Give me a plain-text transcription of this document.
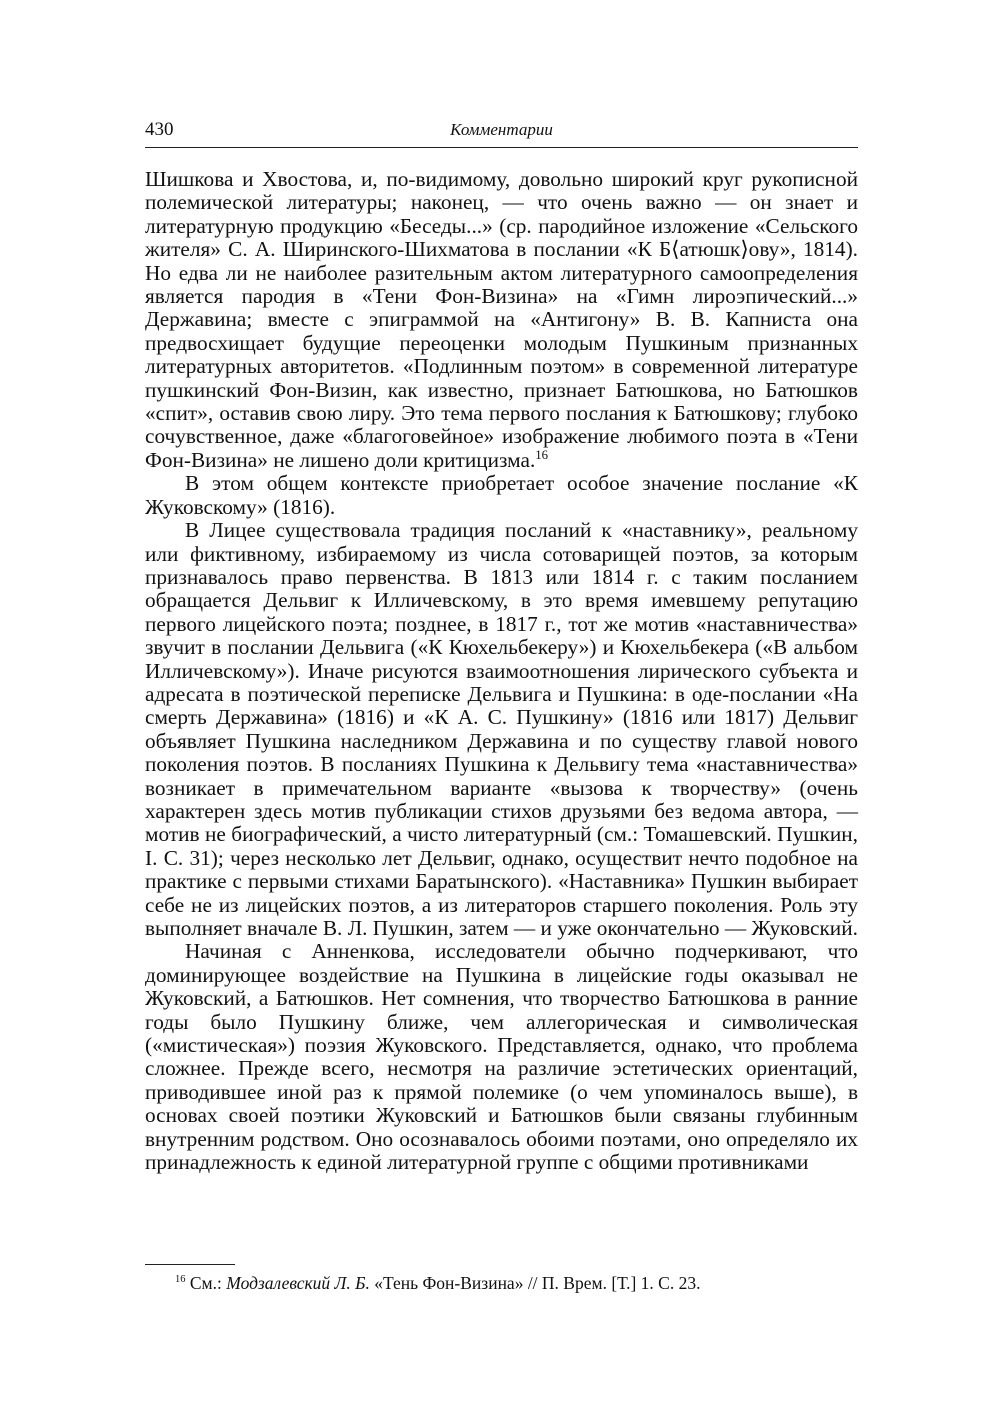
430	Комментарии

Шишкова и Хвостова, и, по-видимому, довольно широкий круг рукописной полемической литературы; наконец, — что очень важно — он знает и литературную продукцию «Беседы...» (ср. пародийное изложение «Сельского жителя» С. А. Ширинского-Шихматова в послании «К Б⟨атюшк⟩ову», 1814). Но едва ли не наиболее разительным актом литературного самоопределения является пародия в «Тени Фон-Визина» на «Гимн лироэпический...» Державина; вместе с эпиграммой на «Антигону» В. В. Капниста она предвосхищает будущие переоценки молодым Пушкиным признанных литературных авторитетов. «Подлинным поэтом» в современной литературе пушкинский Фон-Визин, как известно, признает Батюшкова, но Батюшков «спит», оставив свою лиру. Это тема первого послания к Батюшкову; глубоко сочувственное, даже «благоговейное» изображение любимого поэта в «Тени Фон-Визина» не лишено доли критицизма.$^{16}$

В этом общем контексте приобретает особое значение послание «К Жуковскому» (1816).

В Лицее существовала традиция посланий к «наставнику», реальному или фиктивному, избираемому из числа сотоварищей поэтов, за которым признавалось право первенства. В 1813 или 1814 г. с таким посланием обращается Дельвиг к Илличевскому, в это время имевшему репутацию первого лицейского поэта; позднее, в 1817 г., тот же мотив «наставничества» звучит в послании Дельвига («К Кюхельбекеру») и Кюхельбекера («В альбом Илличевскому»). Иначе рисуются взаимоотношения лирического субъекта и адресата в поэтической переписке Дельвига и Пушкина: в оде-послании «На смерть Державина» (1816) и «К А. С. Пушкину» (1816 или 1817) Дельвиг объявляет Пушкина наследником Державина и по существу главой нового поколения поэтов. В посланиях Пушкина к Дельвигу тема «наставничества» возникает в примечательном варианте «вызова к творчеству» (очень характерен здесь мотив публикации стихов друзьями без ведома автора, — мотив не биографический, а чисто литературный (см.: Томашевский. Пушкин, I. С. 31); через несколько лет Дельвиг, однако, осуществит нечто подобное на практике с первыми стихами Баратынского). «Наставника» Пушкин выбирает себе не из лицейских поэтов, а из литераторов старшего поколения. Роль эту выполняет вначале В. Л. Пушкин, затем — и уже окончательно — Жуковский.

Начиная с Анненкова, исследователи обычно подчеркивают, что доминирующее воздействие на Пушкина в лицейские годы оказывал не Жуковский, а Батюшков. Нет сомнения, что творчество Батюшкова в ранние годы было Пушкину ближе, чем аллегорическая и символическая («мистическая») поэзия Жуковского. Представляется, однако, что проблема сложнее. Прежде всего, несмотря на различие эстетических ориентаций, приводившее иной раз к прямой полемике (о чем упоминалось выше), в основах своей поэтики Жуковский и Батюшков были связаны глубинным внутренним родством. Оно осознавалось обоими поэтами, оно определяло их принадлежность к единой литературной группе с общими противниками

$^{16}$ См.: Модзалевский Л. Б. «Тень Фон-Визина» // П. Врем. [Т.] 1. С. 23.
